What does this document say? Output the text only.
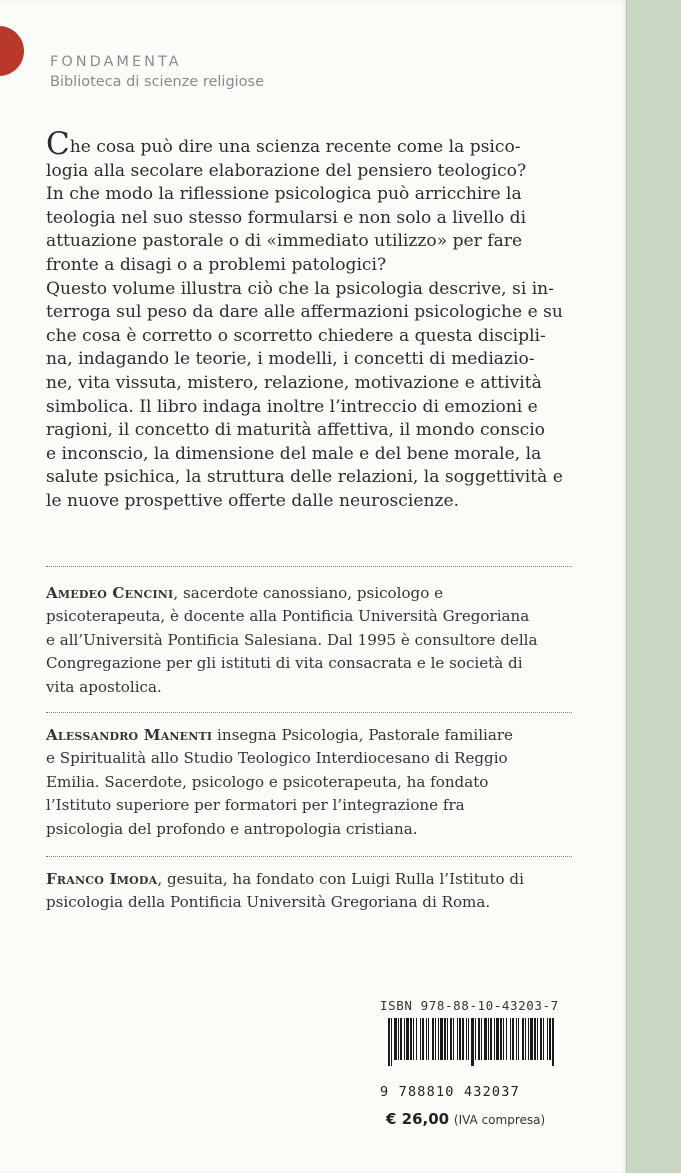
FONDAMENTA
Biblioteca di scienze religiose

Che cosa può dire una scienza recente come la psico-
logia alla secolare elaborazione del pensiero teologico?
In che modo la riflessione psicologica può arricchire la
teologia nel suo stesso formularsi e non solo a livello di
attuazione pastorale o di «immediato utilizzo» per fare
fronte a disagi o a problemi patologici?
Questo volume illustra ciò che la psicologia descrive, si in-
terroga sul peso da dare alle affermazioni psicologiche e su
che cosa è corretto o scorretto chiedere a questa discipli-
na, indagando le teorie, i modelli, i concetti di mediazio-
ne, vita vissuta, mistero, relazione, motivazione e attività
simbolica. Il libro indaga inoltre l’intreccio di emozioni e
ragioni, il concetto di maturità affettiva, il mondo conscio
e inconscio, la dimensione del male e del bene morale, la
salute psichica, la struttura delle relazioni, la soggettività e
le nuove prospettive offerte dalle neuroscienze.

Amedeo Cencini, sacerdote canossiano, psicologo e
psicoterapeuta, è docente alla Pontificia Università Gregoriana
e all’Università Pontificia Salesiana. Dal 1995 è consultore della
Congregazione per gli istituti di vita consacrata e le società di
vita apostolica.
Alessandro Manenti insegna Psicologia, Pastorale familiare
e Spiritualità allo Studio Teologico Interdiocesano di Reggio
Emilia. Sacerdote, psicologo e psicoterapeuta, ha fondato
l’Istituto superiore per formatori per l’integrazione fra
psicologia del profondo e antropologia cristiana.
Franco Imoda, gesuita, ha fondato con Luigi Rulla l’Istituto di
psicologia della Pontificia Università Gregoriana di Roma.
ISBN 978-88-10-43203-7
9 788810 432037
€ 26,00 (IVA compresa)
